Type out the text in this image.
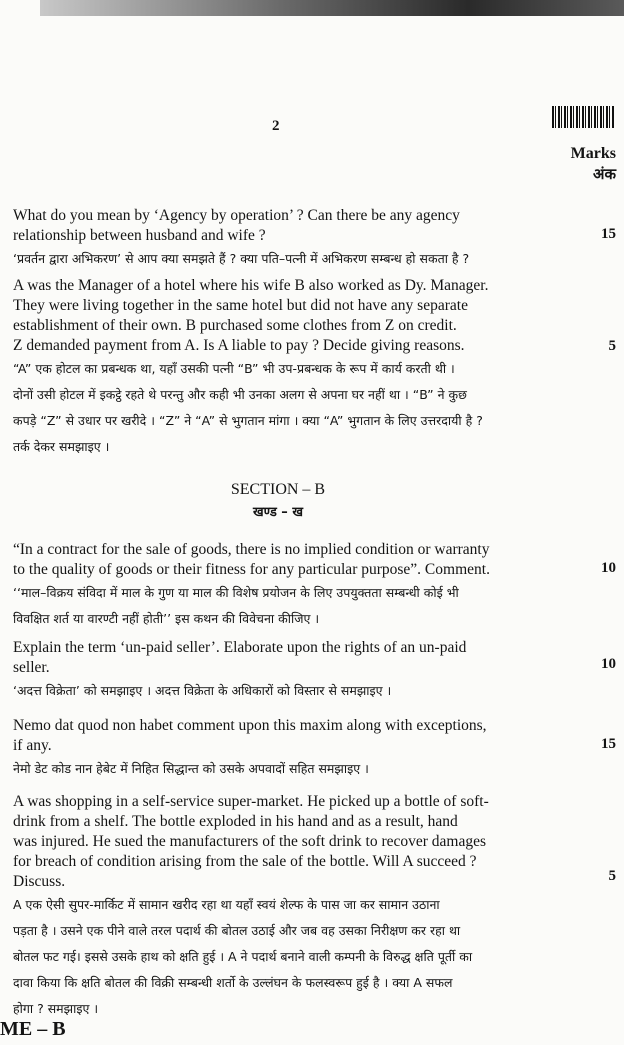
2
Marks
अंक

What do you mean by ‘Agency by operation’ ? Can there be any agency

relationship between husband and wife ?

‘प्रवर्तन द्वारा अभिकरण’ से आप क्या समझते हैं ? क्या पति–पत्नी में अभिकरण सम्बन्ध हो सकता है ?

15

A was the Manager of a hotel where his wife B also worked as Dy. Manager.

They were living together in the same hotel but did not have any separate

establishment of their own. B purchased some clothes from Z on credit.

Z demanded payment from A. Is A liable to pay ? Decide giving reasons.

“A” एक होटल का प्रबन्धक था, यहाँ उसकी पत्नी “B” भी उप-प्रबन्धक के रूप में कार्य करती थी ।

दोनों उसी होटल में इकट्ठे रहते थे परन्तु और कही भी उनका अलग से अपना घर नहीं था । “B” ने कुछ

कपड़े “Z” से उधार पर खरीदे । “Z” ने “A” से भुगतान मांगा । क्या “A” भुगतान के लिए उत्तरदायी है ?

तर्क देकर समझाइए ।

5
SECTION – B
खण्ड – ख

“In a contract for the sale of goods, there is no implied condition or warranty

to the quality of goods or their fitness for any particular purpose”. Comment.

‘‘माल–विक्रय संविदा में माल के गुण या माल की विशेष प्रयोजन के लिए उपयुक्तता सम्बन्धी कोई भी

विवक्षित शर्त या वारण्टी नहीं होती’’ इस कथन की विवेचना कीजिए ।

10

Explain the term ‘un-paid seller’. Elaborate upon the rights of an un-paid

seller.

‘अदत्त विक्रेता’ को समझाइए । अदत्त विक्रेता के अधिकारों को विस्तार से समझाइए ।

10

Nemo dat quod non habet comment upon this maxim along with exceptions,

if any.

नेमो डेट कोड नान हेबेट में निहित सिद्धान्त को उसके अपवादों सहित समझाइए ।

15

A was shopping in a self-service super-market. He picked up a bottle of soft-

drink from a shelf. The bottle exploded in his hand and as a result, hand

was injured. He sued the manufacturers of the soft drink to recover damages

for breach of condition arising from the sale of the bottle. Will A succeed ?

Discuss.

A एक ऐसी सुपर-मार्किट में सामान खरीद रहा था यहाँ स्वयं शेल्फ के पास जा कर सामान उठाना

पड़ता है । उसने एक पीने वाले तरल पदार्थ की बोतल उठाई और जब वह उसका निरीक्षण कर रहा था

बोतल फट गई। इससे उसके हाथ को क्षति हुई । A ने पदार्थ बनाने वाली कम्पनी के विरुद्ध क्षति पूर्ती का

दावा किया कि क्षति बोतल की विक्री सम्बन्धी शर्तो के उल्लंघन के फलस्वरूप हुई है । क्या A सफल

होगा ? समझाइए ।

5
ME – B
